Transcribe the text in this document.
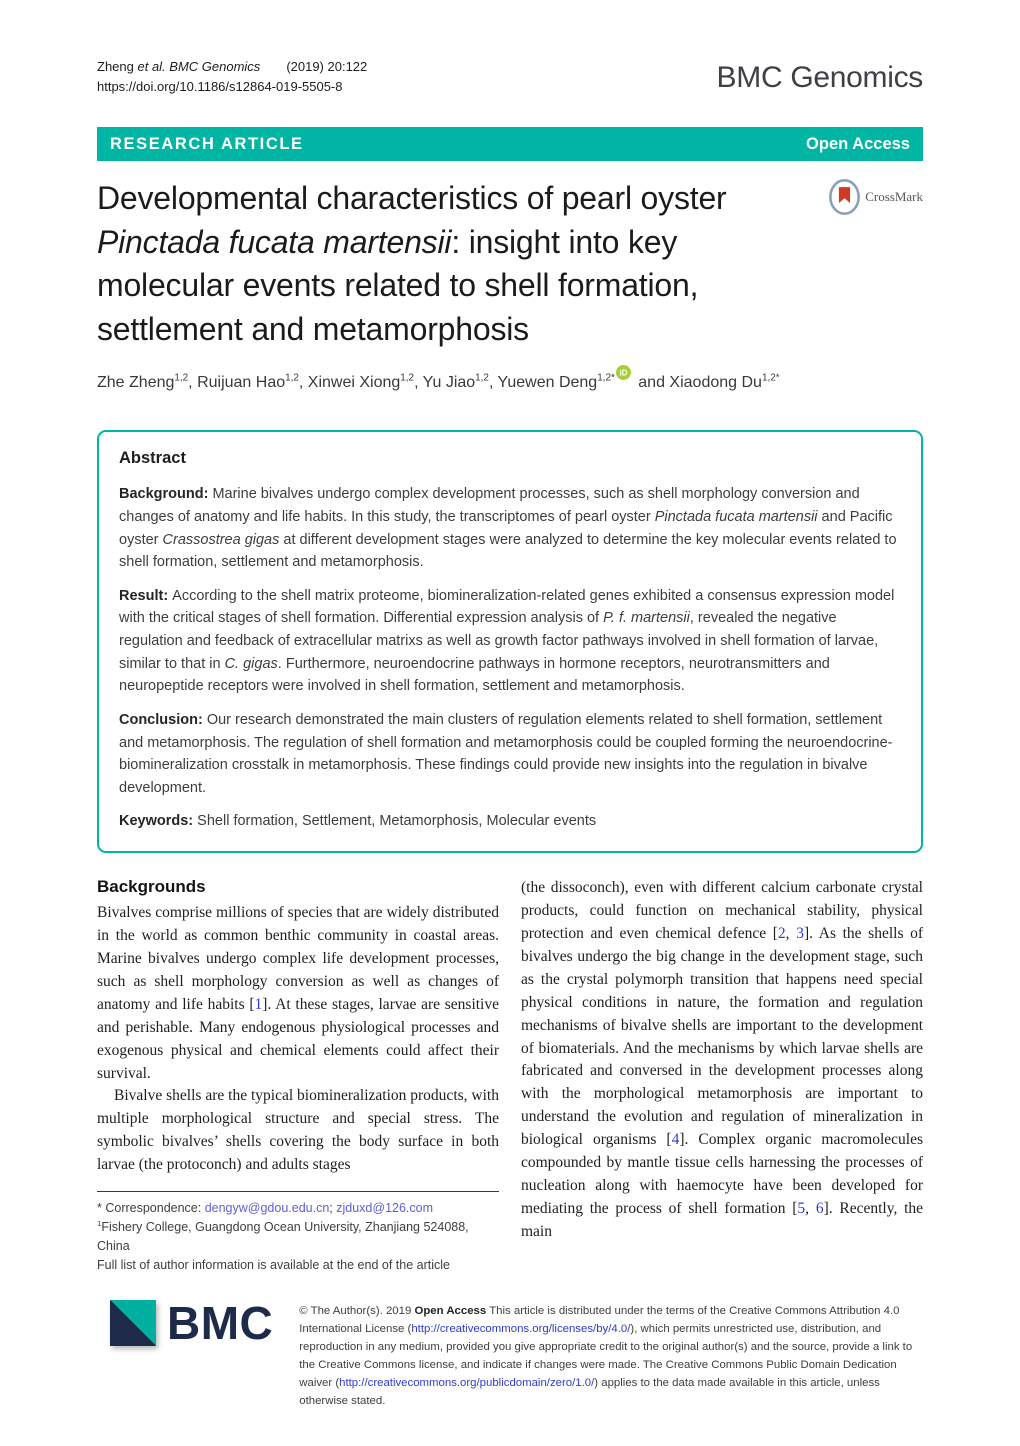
Zheng et al. BMC Genomics (2019) 20:122
https://doi.org/10.1186/s12864-019-5505-8	BMC Genomics
RESEARCH ARTICLE	Open Access
Developmental characteristics of pearl oyster Pinctada fucata martensii: insight into key molecular events related to shell formation, settlement and metamorphosis
CrossMark
Zhe Zheng$^{1,2}$, Ruijuan Hao$^{1,2}$, Xinwei Xiong$^{1,2}$, Yu Jiao$^{1,2}$, Yuewen Deng$^{1,2*}$ iD
and Xiaodong $Du^{1,2*}$
Abstract

Background: Marine bivalves undergo complex development processes, such as shell morphology conversion and changes of anatomy and life habits. In this study, the transcriptomes of pearl oyster Pinctada fucata martensii and Pacific oyster Crassostrea gigas at different development stages were analyzed to determine the key molecular events related to shell formation, settlement and metamorphosis.

Result: According to the shell matrix proteome, biomineralization-related genes exhibited a consensus expression model with the critical stages of shell formation. Differential expression analysis of P. f. martensii, revealed the negative regulation and feedback of extracellular matrixs as well as growth factor pathways involved in shell formation of larvae, similar to that in C. gigas. Furthermore, neuroendocrine pathways in hormone receptors, neurotransmitters and neuropeptide receptors were involved in shell formation, settlement and metamorphosis.

Conclusion: Our research demonstrated the main clusters of regulation elements related to shell formation, settlement and metamorphosis. The regulation of shell formation and metamorphosis could be coupled forming the neuroendocrine-biomineralization crosstalk in metamorphosis. These findings could provide new insights into the regulation in bivalve development.

Keywords: Shell formation, Settlement, Metamorphosis, Molecular events

Backgrounds

Bivalves comprise millions of species that are widely distributed in the world as common benthic community in coastal areas. Marine bivalves undergo complex life development processes, such as shell morphology conversion as well as changes of anatomy and life habits [1]. At these stages, larvae are sensitive and perishable. Many endogenous physiological processes and exogenous physical and chemical elements could affect their survival.

Bivalve shells are the typical biomineralization products, with multiple morphological structure and special stress. The symbolic bivalves’ shells covering the body surface in both larvae (the protoconch) and adults stages

* Correspondence: dengyw@gdou.edu.cn; zjduxd@126.com
$^1$Fishery College, Guangdong Ocean University, Zhanjiang 524088, China
Full list of author information is available at the end of the article

(the dissoconch), even with different calcium carbonate crystal products, could function on mechanical stability, physical protection and even chemical defence [2, 3]. As the shells of bivalves undergo the big change in the development stage, such as the crystal polymorph transition that happens need special physical conditions in nature, the formation and regulation mechanisms of bivalve shells are important to the development of biomaterials. And the mechanisms by which larvae shells are fabricated and conversed in the development processes along with the morphological metamorphosis are important to understand the evolution and regulation of mineralization in biological organisms [4]. Complex organic macromolecules compounded by mantle tissue cells harnessing the processes of nucleation along with haemocyte have been developed for mediating the process of shell formation [5, 6]. Recently, the main

BMC © The Author(s). 2019 Open Access This article is distributed under the terms of the Creative Commons Attribution 4.0 International License (http://creativecommons.org/licenses/by/4.0/), which permits unrestricted use, distribution, and reproduction in any medium, provided you give appropriate credit to the original author(s) and the source, provide a link to the Creative Commons license, and indicate if changes were made. The Creative Commons Public Domain Dedication waiver (http://creativecommons.org/publicdomain/zero/1.0/) applies to the data made available in this article, unless otherwise stated.
